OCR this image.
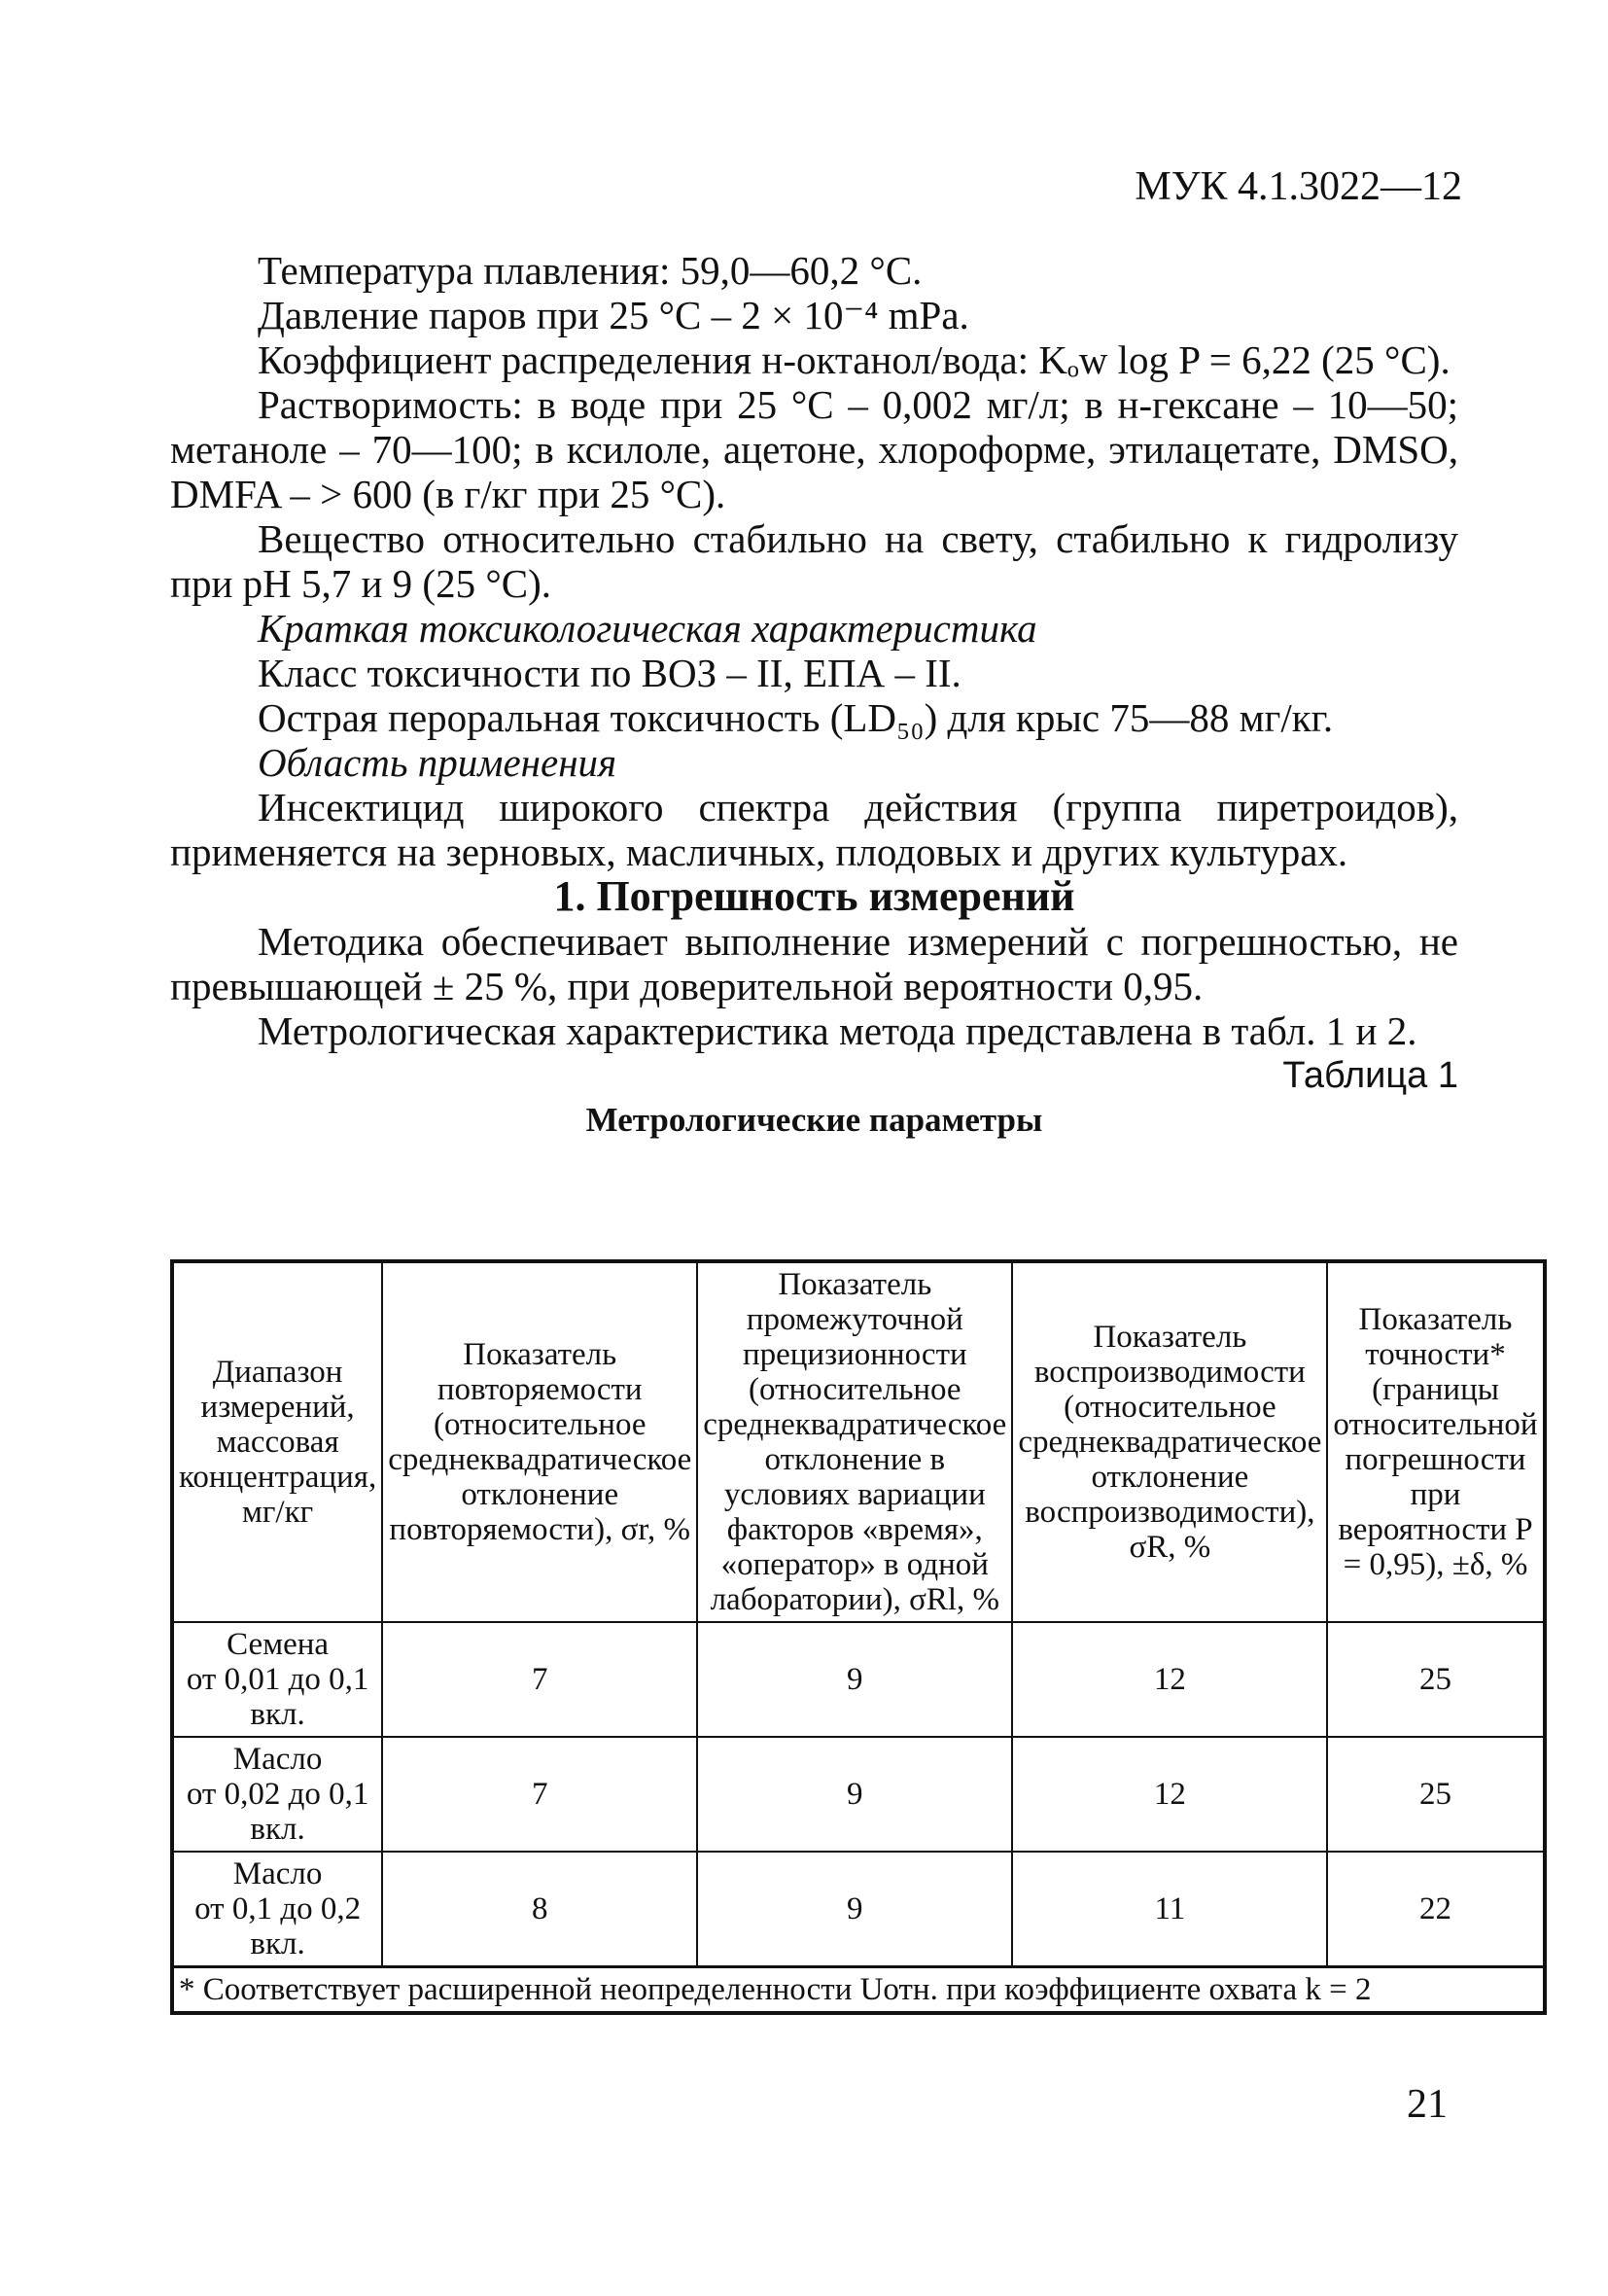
МУК 4.1.3022—12

Температура плавления: 59,0—60,2 °С.

Давление паров при 25 °С – 2 × 10⁻⁴ mPa.

Коэффициент распределения н-октанол/вода: Kₒw log P = 6,22 (25 °С).

Растворимость: в воде при 25 °С – 0,002 мг/л; в н-гексане – 10—50; метаноле – 70—100; в ксилоле, ацетоне, хлороформе, этилацетате, DMSO, DMFA – > 600 (в г/кг при 25 °С).

Вещество относительно стабильно на свету, стабильно к гидролизу при pH 5,7 и 9 (25 °С).

Краткая токсикологическая характеристика

Класс токсичности по ВОЗ – II, ЕПА – II.

Острая пероральная токсичность (LD₅₀) для крыс 75—88 мг/кг.

Область применения

Инсектицид широкого спектра действия (группа пиретроидов), применяется на зерновых, масличных, плодовых и других культурах.

1. Погрешность измерений

Методика обеспечивает выполнение измерений с погрешностью, не превышающей ± 25 %, при доверительной вероятности 0,95.

Метрологическая характеристика метода представлена в табл. 1 и 2.

Таблица 1

Метрологические параметры

Диапазон измерений, массовая концентрация, мг/кг	Показатель повторяемости (относительное среднеквадратическое отклонение повторяемости), σr, %	Показатель промежуточной прецизионности (относительное среднеквадратическое отклонение в условиях вариации факторов «время», «оператор» в одной лаборатории), σRl, %	Показатель воспроизводимости (относительное среднеквадратическое отклонение воспроизводимости), σR, %	Показатель точности* (границы относительной погрешности при вероятности P = 0,95), ±δ, %

Семена
от 0,01 до 0,1 вкл.	7	9	12	25

Масло
от 0,02 до 0,1 вкл.	7	9	12	25

Масло
от 0,1 до 0,2 вкл.	8	9	11	22
* Соответствует расширенной неопределенности Uотн. при коэффициенте охвата k = 2				
21
